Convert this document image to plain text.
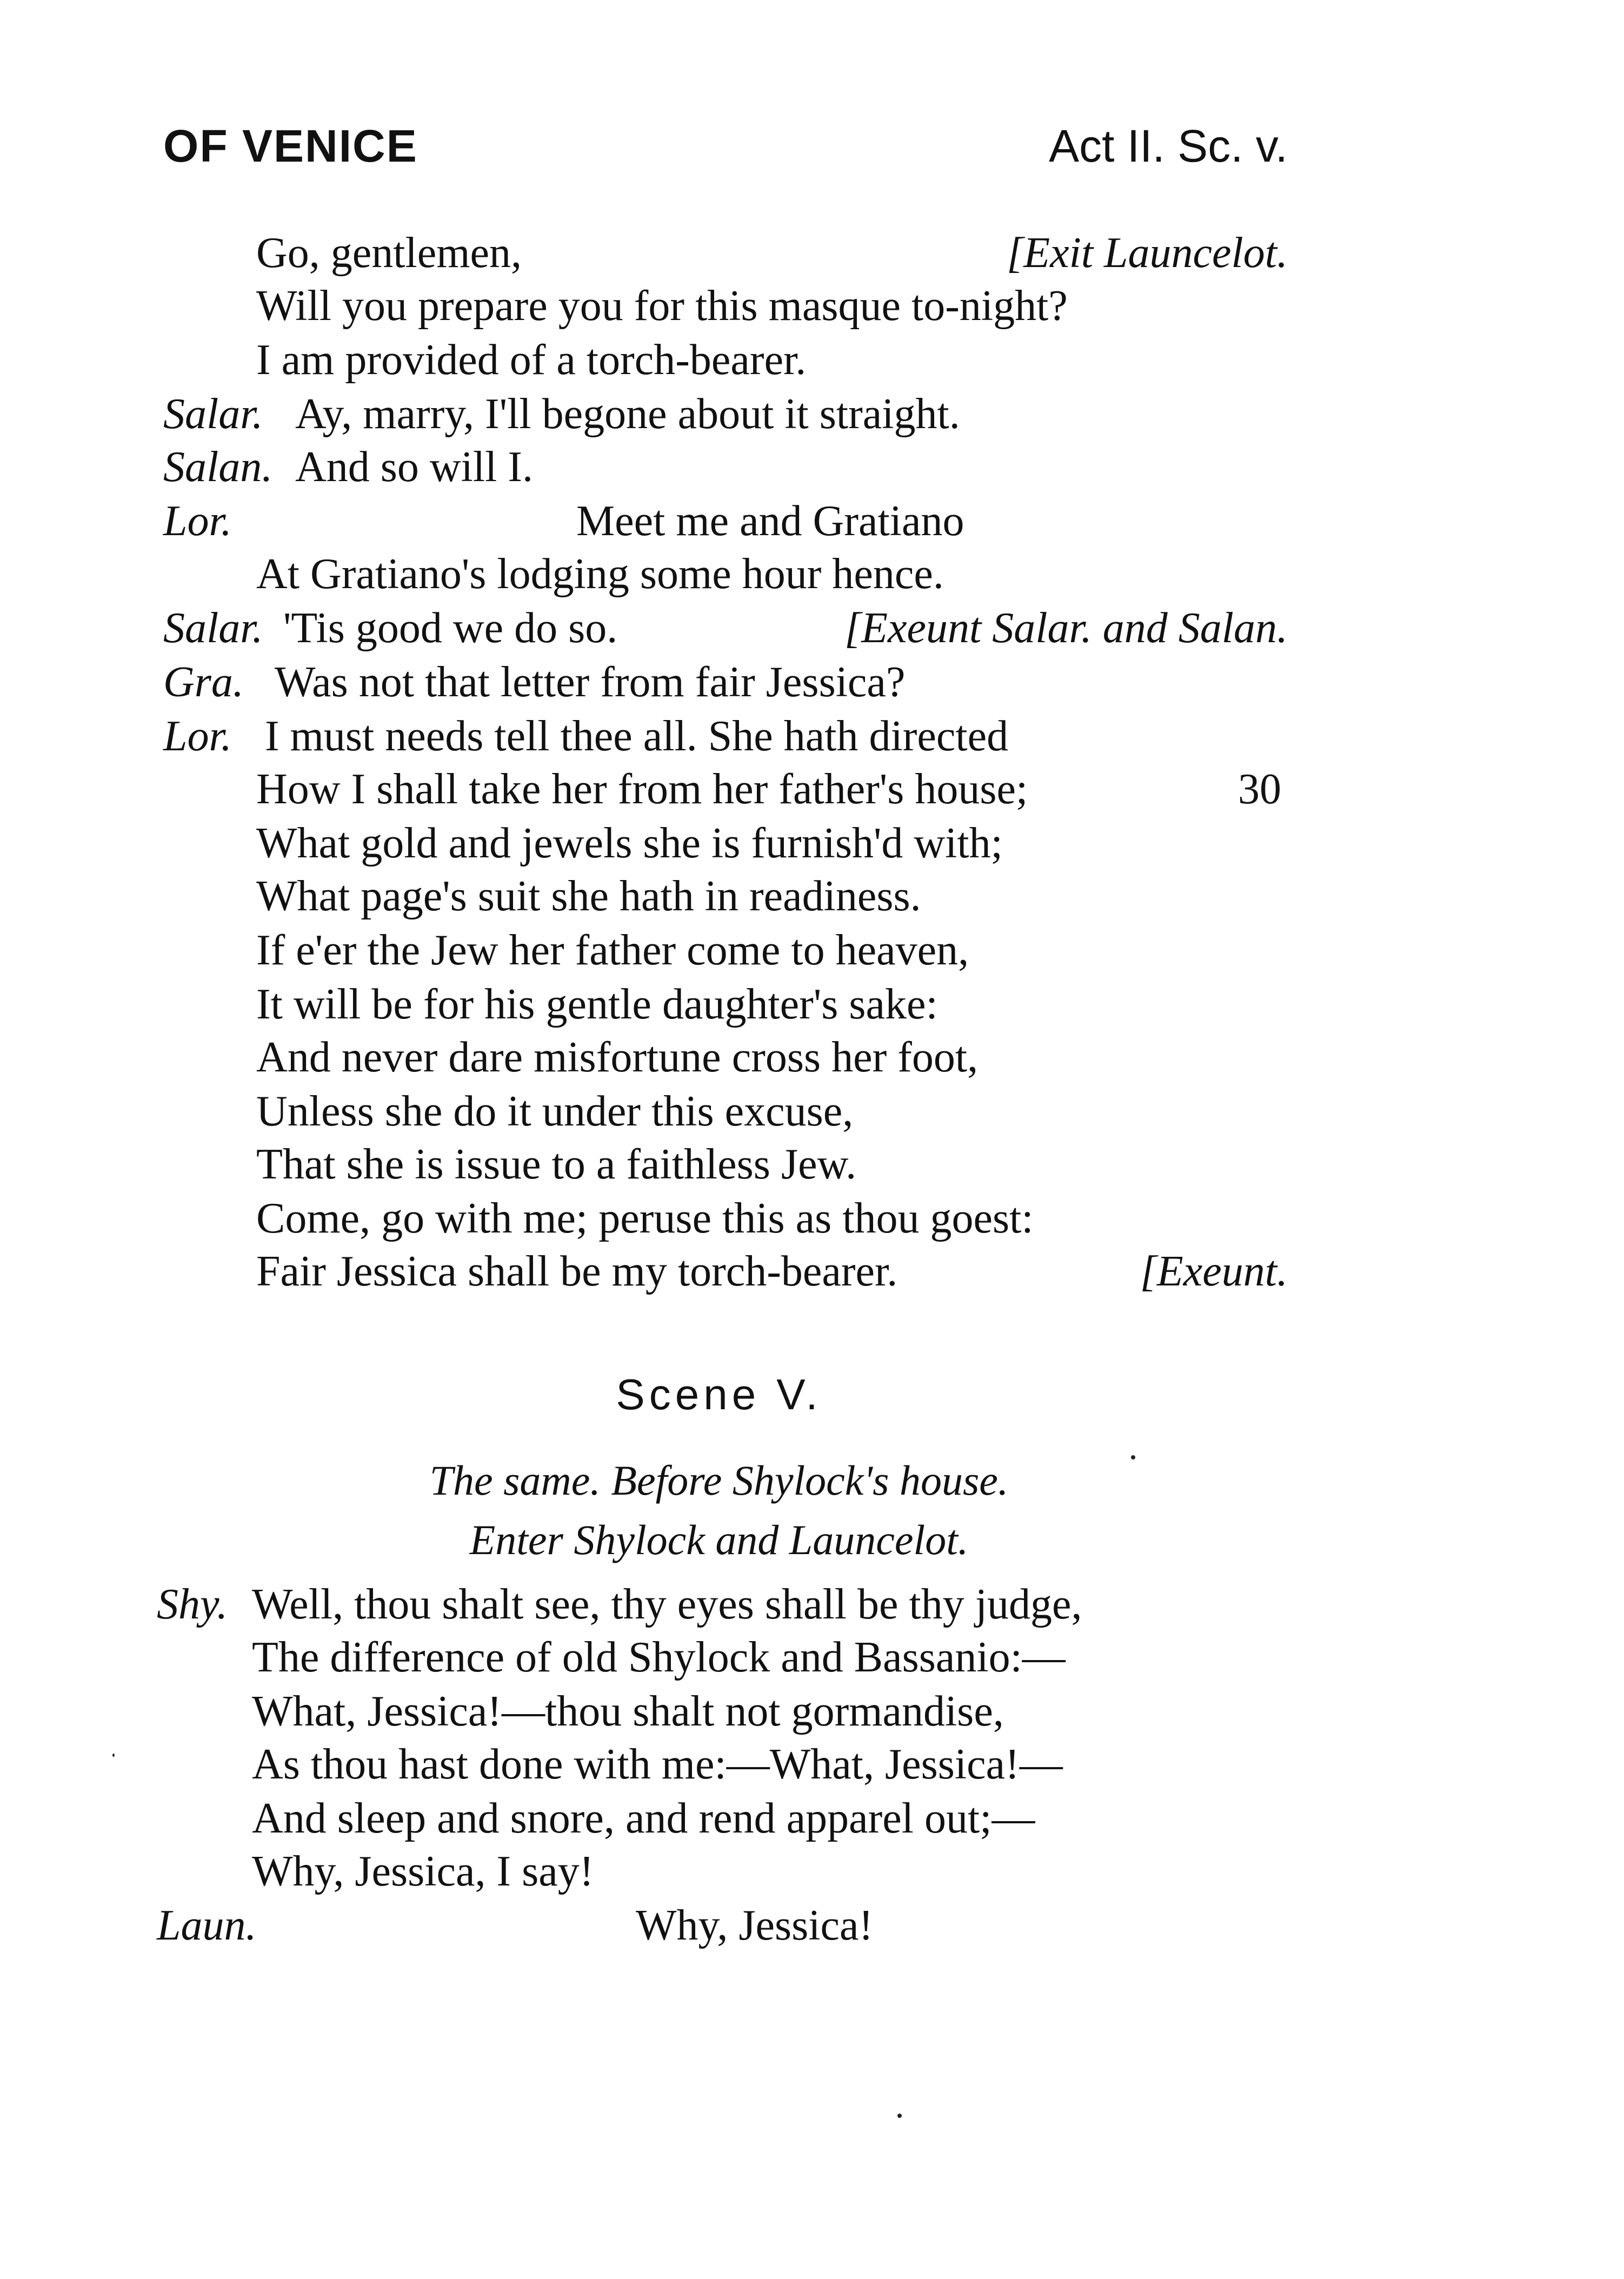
OF VENICE	Act II. Sc. v.
Go, gentlemen,	[Exit Launcelot.
Will you prepare you for this masque to-night?
I am provided of a torch-bearer.
Salar. Ay, marry, I'll begone about it straight.
Salan. And so will I.
Lor.	Meet me and Gratiano
At Gratiano's lodging some hour hence.
Salar. 'Tis good we do so.	[Exeunt Salar. and Salan.
Gra. Was not that letter from fair Jessica?
Lor. I must needs tell thee all. She hath directed
How I shall take her from her father's house;	30
What gold and jewels she is furnish'd with;
What page's suit she hath in readiness.
If e'er the Jew her father come to heaven,
It will be for his gentle daughter's sake:
And never dare misfortune cross her foot,
Unless she do it under this excuse,
That she is issue to a faithless Jew.
Come, go with me; peruse this as thou goest:
Fair Jessica shall be my torch-bearer.	[Exeunt.
Scene V.
The same. Before Shylock's house.
Enter Shylock and Launcelot.
Shy. Well, thou shalt see, thy eyes shall be thy judge,
The difference of old Shylock and Bassanio:—
What, Jessica!—thou shalt not gormandise,
As thou hast done with me:—What, Jessica!—
And sleep and snore, and rend apparel out;—
Why, Jessica, I say!
Laun.	Why, Jessica!
